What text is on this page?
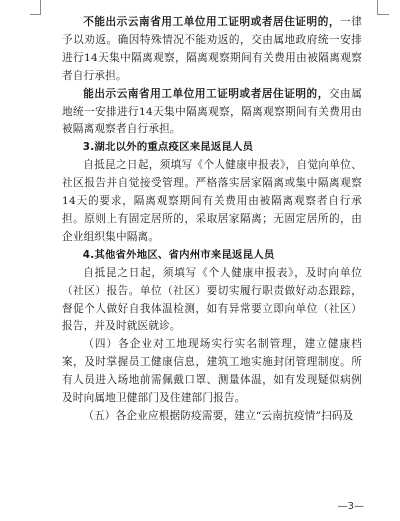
不能出示云南省用工单位用工证明或者居住证明的，一律予以劝返。确因特殊情况不能劝返的，交由属地政府统一安排进行14天集中隔离观察，隔离观察期间有关费用由被隔离观察者自行承担。

能出示云南省用工单位用工证明或者居住证明的，交由属地统一安排进行14天集中隔离观察，隔离观察期间有关费用由被隔离观察者自行承担。

3.湖北以外的重点疫区来昆返昆人员

自抵昆之日起，须填写《个人健康申报表》，自觉向单位、社区报告并自觉接受管理。严格落实居家隔离或集中隔离观察14天的要求，隔离观察期间有关费用由被隔离观察者自行承担。原则上有固定居所的，采取居家隔离；无固定居所的，由企业组织集中隔离。

4.其他省外地区、省内州市来昆返昆人员

自抵昆之日起，须填写《个人健康申报表》，及时向单位（社区）报告。单位（社区）要切实履行职责做好动态跟踪，督促个人做好自我体温检测，如有异常要立即向单位（社区）报告，并及时就医就诊。

（四）各企业对工地现场实行实名制管理，建立健康档案，及时掌握员工健康信息，建筑工地实施封闭管理制度。所有人员进入场地前需佩戴口罩、测量体温，如有发现疑似病例及时向属地卫健部门及住建部门报告。

（五）各企业应根据防疫需要，建立“云南抗疫情”扫码及

—3—
